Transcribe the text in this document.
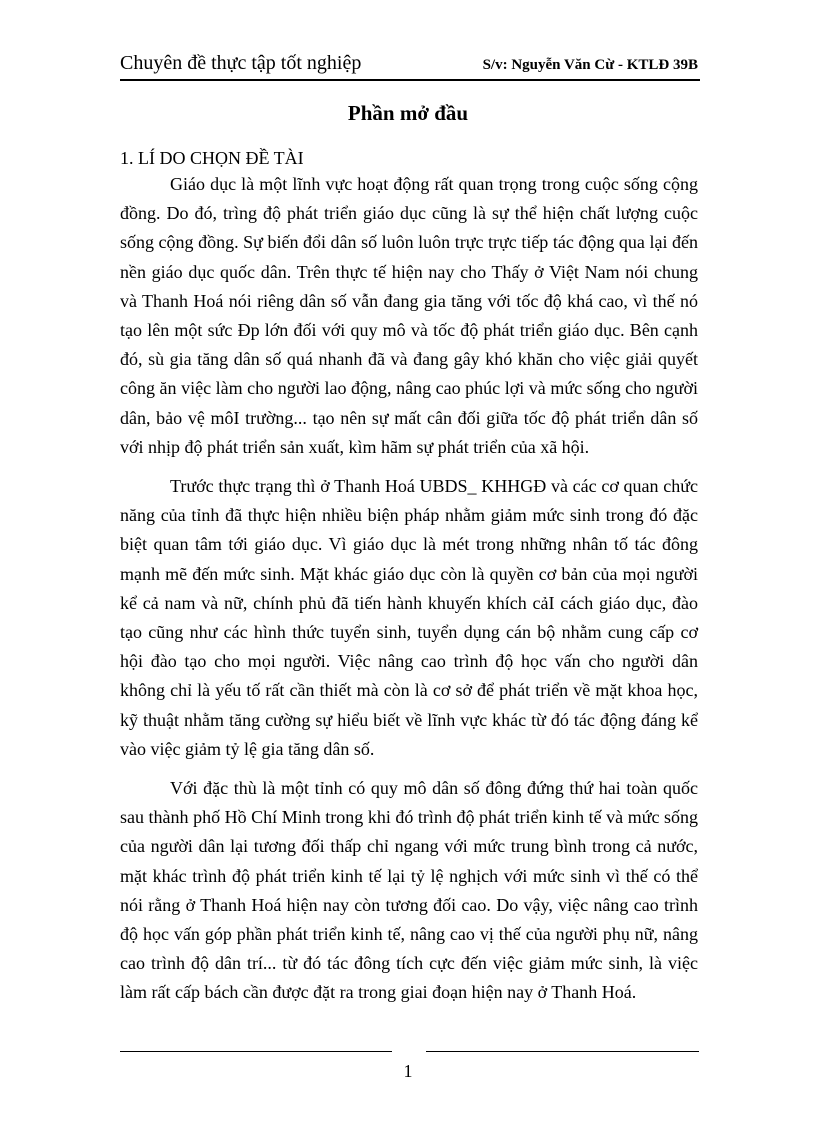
Chuyên đề thực tập tốt nghiệp	S/v: Nguyễn Văn Cừ - KTLĐ 39B
Phần mở đầu
1. LÍ DO CHỌN ĐỀ TÀI

Giáo dục là một lĩnh vực hoạt động rất quan trọng trong cuộc sống cộng đồng. Do đó, trìng độ phát triển giáo dục cũng là sự thể hiện chất lượng cuộc sống cộng đồng. Sự biến đổi dân số luôn luôn trực trực tiếp tác động qua lại đến nền giáo dục quốc dân. Trên thực tế hiện nay cho Thấy ở Việt Nam nói chung và Thanh Hoá nói riêng dân số vẫn đang gia tăng với tốc độ khá cao, vì thế nó tạo lên một sức Ðp lớn đối với quy mô và tốc độ phát triển giáo dục. Bên cạnh đó, sù gia tăng dân số quá nhanh đã và đang gây khó khăn cho việc giải quyết công ăn việc làm cho người lao động, nâng cao phúc lợi và mức sống cho người dân, bảo vệ môI trường... tạo nên sự mất cân đối giữa tốc độ phát triển dân số với nhịp độ phát triển sản xuất, kìm hãm sự phát triển của xã hội.

Trước thực trạng thì ở Thanh Hoá UBDS_ KHHGĐ và các cơ quan chức năng của tỉnh đã thực hiện nhiều biện pháp nhằm giảm mức sinh trong đó đặc biệt quan tâm tới giáo dục. Vì giáo dục là mét trong những nhân tố tác đông mạnh mẽ đến mức sinh. Mặt khác giáo dục còn là quyền cơ bản của mọi người kể cả nam và nữ, chính phủ đã tiến hành khuyến khích cảI cách giáo dục, đào tạo cũng như các hình thức tuyển sinh, tuyển dụng cán bộ nhằm cung cấp cơ hội đào tạo cho mọi người. Việc nâng cao trình độ học vấn cho người dân không chỉ là yếu tố rất cần thiết mà còn là cơ sở để phát triển về mặt khoa học, kỹ thuật nhằm tăng cường sự hiểu biết về lĩnh vực khác từ đó tác động đáng kể vào việc giảm tỷ lệ gia tăng dân số.

Với đặc thù là một tỉnh có quy mô dân số đông đứng thứ hai toàn quốc sau thành phố Hồ Chí Minh trong khi đó trình độ phát triển kinh tế và mức sống của người dân lại tương đối thấp chỉ ngang với mức trung bình trong cả nước, mặt khác trình độ phát triển kinh tế lại tỷ lệ nghịch với mức sinh vì thế có thể nói rằng ở Thanh Hoá hiện nay còn tương đối cao. Do vậy, việc nâng cao trình độ học vấn góp phần phát triển kinh tế, nâng cao vị thế của người phụ nữ, nâng cao trình độ dân trí... từ đó tác đông tích cực đến việc giảm mức sinh, là việc làm rất cấp bách cần được đặt ra trong giai đoạn hiện nay ở Thanh Hoá.

1
